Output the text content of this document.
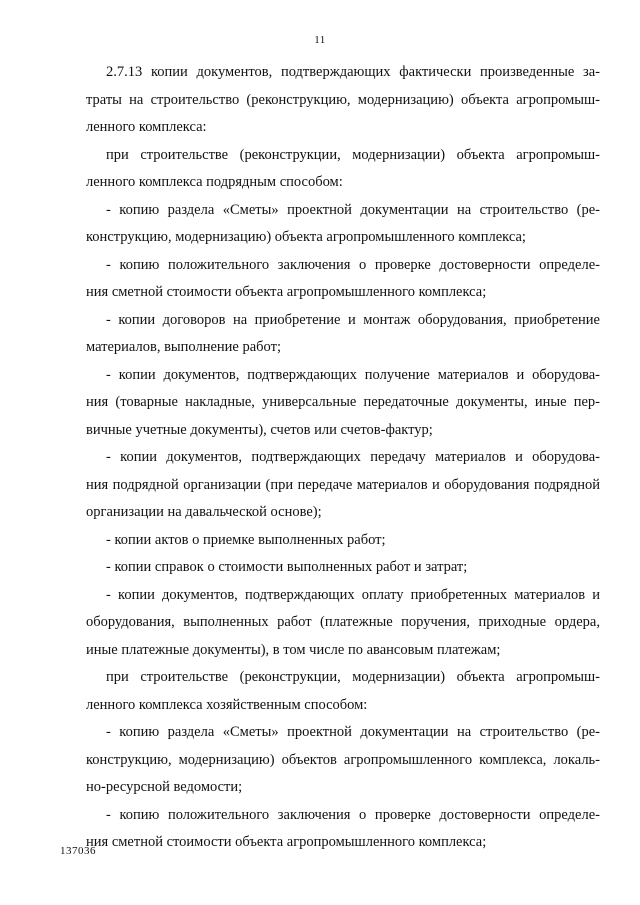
11
2.7.13 копии документов, подтверждающих фактически произведенные за-
траты на строительство (реконструкцию, модернизацию) объекта агропромыш-
ленного комплекса:
при строительстве (реконструкции, модернизации) объекта агропромыш-
ленного комплекса подрядным способом:
- копию раздела «Сметы» проектной документации на строительство (ре-
конструкцию, модернизацию) объекта агропромышленного комплекса;
- копию положительного заключения о проверке достоверности определе-
ния сметной стоимости объекта агропромышленного комплекса;
- копии договоров на приобретение и монтаж оборудования, приобретение
материалов, выполнение работ;
- копии документов, подтверждающих получение материалов и оборудова-
ния (товарные накладные, универсальные передаточные документы, иные пер-
вичные учетные документы), счетов или счетов-фактур;
- копии документов, подтверждающих передачу материалов и оборудова-
ния подрядной организации (при передаче материалов и оборудования подрядной
организации на давальческой основе);
- копии актов о приемке выполненных работ;
- копии справок о стоимости выполненных работ и затрат;
- копии документов, подтверждающих оплату приобретенных материалов и
оборудования, выполненных работ (платежные поручения, приходные ордера,
иные платежные документы), в том числе по авансовым платежам;
при строительстве (реконструкции, модернизации) объекта агропромыш-
ленного комплекса хозяйственным способом:
- копию раздела «Сметы» проектной документации на строительство (ре-
конструкцию, модернизацию) объектов агропромышленного комплекса, локаль-
но-ресурсной ведомости;
- копию положительного заключения о проверке достоверности определе-
ния сметной стоимости объекта агропромышленного комплекса;
137036
